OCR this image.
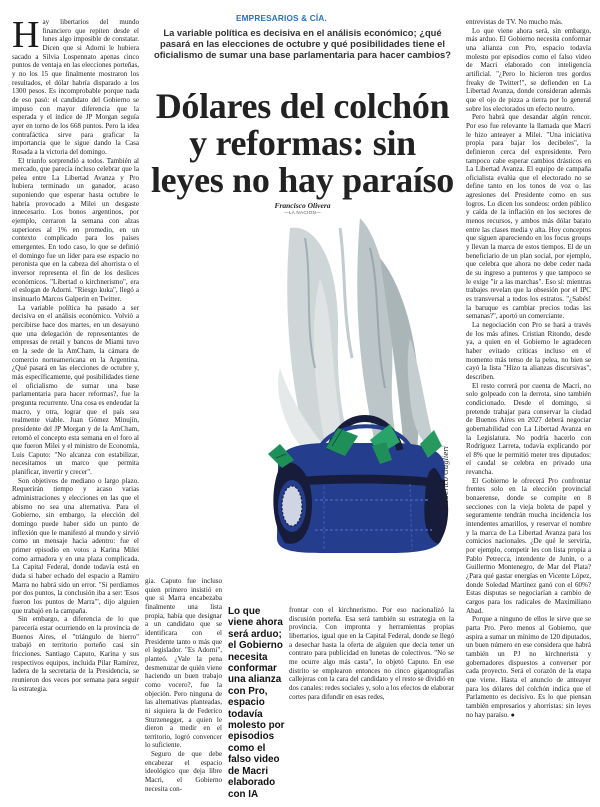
H ay libertarios del mundo financiero que repiten desde el lunes algo imposible de constatar. Dicen que si Adorni le hubiera sacado a Silvia Lospennato apenas cinco puntos de ventaja en las elecciones porteñas, y no los 15 que finalmente mostraron los resultados, el dólar habría disparado a los 1300 pesos. Es incomprobable porque nada de eso pasó: el candidato del Gobierno se impuso con mayor diferencia que la esperada y el índice de JP Morgan seguía ayer en torno de los 668 puntos. Pero la idea contrafáctica sirve para graficar la importancia que le sigue dando la Casa Rosada a la victoria del domingo.

El triunfo sorprendió a todos. También al mercado, que parecía incluso celebrar que la pelea entre La Libertad Avanza y Pro hubiera terminado un ganador, acaso suponiendo que esperar hasta octubre le habría provocado a Milei un desgaste innecesario. Los bonos argentinos, por ejemplo, cerraron la semana con alzas superiores al 1% en promedio, en un contexto complicado para los países emergentes. En todo caso, lo que se definió el domingo fue un líder para ese espacio no peronista que en la cabeza del ahorrista o el inversor representa el fin de los deslices económicos. "Libertad o kirchnerismo", era el eslogan de Adorni. "Riesgo kuka", llegó a insinuarlo Marcos Galperin en Twitter.

La variable política ha pasado a ser decisiva en el análisis económico. Volvió a percibirse hace dos martes, en un desayuno que una delegación de representantes de empresas de retail y bancos de Miami tuvo en la sede de la AmCham, la cámara de comercio norteamericana en la Argentina. ¿Qué pasará en las elecciones de octubre y, más específicamente, qué posibilidades tiene el oficialismo de sumar una base parlamentaria para hacer reformas?, fue la pregunta recurrente. Una cosa es endeudar la macro, y otra, lograr que el país sea realmente viable. Juan Gómez Minujín, presidente del JP Morgan y de la AmCham, retomó el concepto esta semana en el foro al que fueron Milei y el ministro de Economía, Luis Caputo: "No alcanza con estabilizar, necesitamos un marco que permita planificar, invertir y crecer".

Son objetivos de mediano o largo plazo. Requerirán tiempo y acaso varias administraciones y elecciones en las que el abismo no sea una alternativa. Para el Gobierno, sin embargo, la elección del domingo puede haber sido un punto de inflexión que le manifestó al mundo y sirvió como un mensaje hacia adentro: fue el primer episodio en votos a Karina Milei como armadora y en una plaza complicada. La Capital Federal, donde todavía está en duda si haber echado del espacio a Ramiro Marra no habrá sido un error. "Si perdíamos por dos puntos, la conclusión iba a ser: 'Esos fueron los puntos de Marra'", dijo alguien que trabajó en la campaña.

Sin embargo, a diferencia de lo que parecería estar ocurriendo en la provincia de Buenos Aires, el "triángulo de hierro" trabajó en territorio porteño casi sin fricciones. Santiago Caputo, Karina y sus respectivos equipos, incluida Pilar Ramírez, ladera de la secretaria de la Presidencia, se reunieron dos veces por semana para seguir la estrategia.

EMPRESARIOS & CÍA.
La variable política es decisiva en el análisis económico; ¿qué pasará en las elecciones de octubre y qué posibilidades tiene el oficialismo de sumar una base parlamentaria para hacer cambios?
Dólares del colchón y reformas: sin leyes no hay paraíso
Francisco Olivera
—LA NACION—
Federico Guglieri

gia. Caputo fue incluso quien primero insistió en que si Marra encabezaba finalmente una lista propia, había que designar a un candidato que se identificara con el Presidente tanto o más que el legislador. "Es Adorni", planteó. ¿Vale la pena desmenuzar de quién viene haciendo un buen trabajo como vocero?, fue la objeción. Pero ninguna de las alternativas planteadas, ni siquiera la de Federico Sturzenegger, a quien le dieron a medir en el territorio, logró convencer lo suficiente.

Seguro de que debe encabezar el espacio ideológico que deja libre Macri, el Gobierno necesita con-

Lo que viene ahora será arduo; el Gobierno necesita conformar una alianza con Pro, espacio todavía molesto por episodios como el falso video de Macri elaborado con IA

frontar con el kirchnerismo. Por eso nacionalizó la discusión porteña. Esa será también su estrategia en la provincia. Con impronta y herramientas propias libertarios, igual que en la Capital Federal, donde se llegó a desechar hasta la oferta de alguien que decía tener un contrato para publicidad en lunetas de colectivos. "No se me ocurre algo más casta", lo objetó Caputo. En ese distrito se emplearon entonces no cinco gigantografías callejeras con la cara del candidato y el resto se dividió en dos canales: redes sociales y, solo a los efectos de elaborar cortes para difundir en esas redes,

entrevistas de TV. No mucho más.

Lo que viene ahora será, sin embargo, más arduo. El Gobierno necesita conformar una alianza con Pro, espacio todavía molesto por episodios como el falso video de Macri elaborado con inteligencia artificial. "¿Pero lo hicieron tres gordos freaky de Twitter!", se defienden en La Libertad Avanza, donde consideran además que el ojo de pizza a tierra por lo general sobre los electorados un efecto neutro.

Pero habrá que desandar algún rencor. Por eso fue relevante la llamada que Macri le hizo anteayer a Milei. "Una iniciativa propia para bajar los decibeles", la definieron cerca del expresidente. Pero tampoco cabe esperar cambios drásticos en La Libertad Avanza. El equipo de campaña oficialista evalúa que el electorado no se define tanto en los tonos de voz o las agresiones del Presidente como en sus logros. Lo dicen los sondeos: orden público y caída de la inflación en los sectores de menos recursos, y ambos más dólar barato entre las clases media y alta. Hoy conceptos que siguen apareciendo en los focus groups y llevan la marca de estos tiempos. El de un beneficiario de un plan social, por ejemplo, que celebra que ahora no debe ceder nada de su ingreso a punteros y que tampoco se le exige "ir a las marchas". Eso sí: mientras trabajes revelan que la obsesión por el IPC es transversal a todos los estratos. "¿Sabés! la baruque es cambiar precios todas las semanas?", aportó un comerciante.

La negociación con Pro se hará a través de los más afines. Cristian Ritondo, desde ya, a quien en el Gobierno le agradecen haber evitado críticas incluso en el momento más tenso de la pelea, no bien se cayó la lista "Hizo ta alianzas discursivas", describen.

El resto correrá por cuenta de Macri, no solo golpeado con la derrota, sino también condicionado. Desde el domingo, si pretende trabajar para conservar la ciudad de Buenos Aires en 2027 deberá negociar gobernabilidad con La Libertad Avanza en la Legislatura. No podría hacerlo con Rodríguez Larreta, todavía explicando por el 8% que le permitió meter tres diputados: el caudal se celebra en privado una revancha.

El Gobierno le ofrecerá Pro confrontar frentes solo en la elección provincial bonaerense, donde se compite en 8 secciones con la vieja boleta de papel y seguramente tendrán mucha incidencia los intendentes amarillos, y reservar el nombre y la marca de La Libertad Avanza para los comicios nacionales. ¿De qué le serviría, por ejemplo, competir les con lista propia a Pablo Petrecca, intendente de Junín, o a Guillermo Montenegro, de Mar del Plata? ¿Para qué gastar energías en Vicente López, donde Soledad Martínez ganó con el 60%? Estas disputas se negociarían a cambio de cargos para los radicales de Maximiliano Abad.

Porque a ninguno de ellos le sirve que se parta Pro. Pero menos al Gobierno, que aspira a sumar un mínimo de 120 diputados, un buen número en ese considera que habrá también un PJ no kirchnerista y gobernadores dispuestos a converser por cada proyecto. Será el corazón de la etapa que viene. Hasta el anuncio de anteayer para los dólares del colchón indica que el Parlamento es decisivo. Es lo que piensan también empresarios y ahorristas: sin leyes no hay paraíso. ●
